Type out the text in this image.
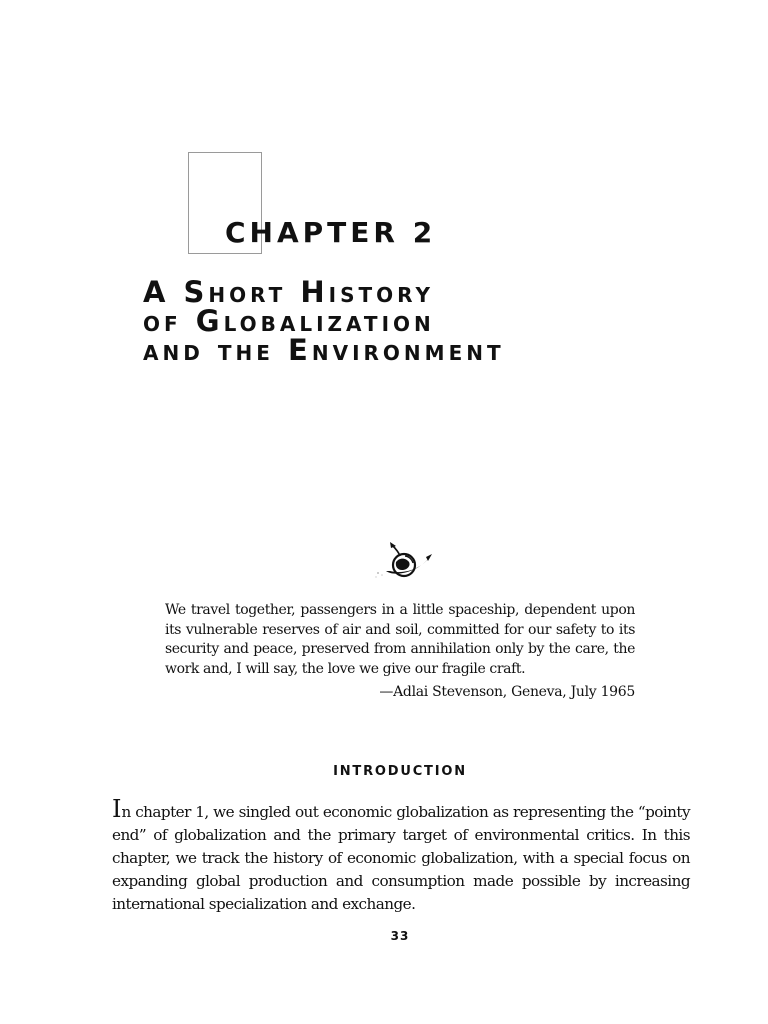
CHAPTER 2
A Short History
of Globalization
and the Environment

We travel together, passengers in a little spaceship, dependent upon its vulnerable reserves of air and soil, committed for our safety to its security and peace, preserved from annihilation only by the care, the work and, I will say, the love we give our fragile craft.

—Adlai Stevenson, Geneva, July 1965

INTRODUCTION

In chapter 1, we singled out economic globalization as representing the “pointy end” of globalization and the primary target of environmental critics. In this chapter, we track the history of economic globalization, with a special focus on expanding global production and consumption made possible by increasing international specialization and exchange.

33
